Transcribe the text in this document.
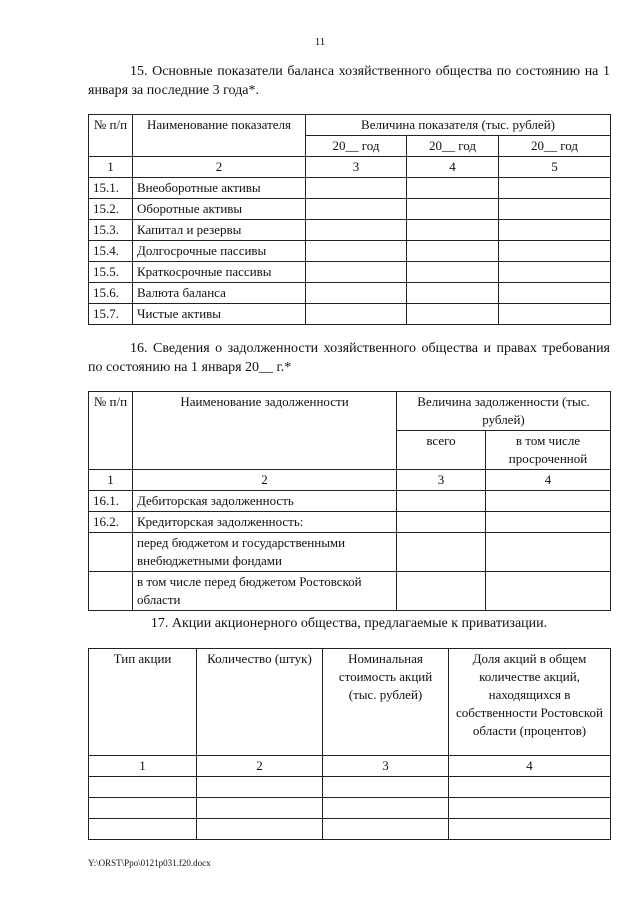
11
15. Основные показатели баланса хозяйственного общества по состоянию на 1 января за последние 3 года*.
№ п/п	Наименование показателя	Величина показателя (тыс. рублей)		
		20__ год	20__ год	20__ год
1	2	3	4	5
15.1.	Внеоборотные активы			
15.2.	Оборотные активы			
15.3.	Капитал и резервы			
15.4.	Долгосрочные пассивы			
15.5.	Краткосрочные пассивы			
15.6.	Валюта баланса			
15.7.	Чистые активы			
16. Сведения о задолженности хозяйственного общества и правах требования по состоянию на 1 января 20__ г.*
№ п/п	Наименование задолженности	Величина задолженности (тыс. рублей)	
		всего	в том числе просроченной
1	2	3	4
16.1.	Дебиторская задолженность		
16.2.	Кредиторская задолженность:		
	перед бюджетом и государственными внебюджетными фондами		
	в том числе перед бюджетом Ростовской области		
17. Акции акционерного общества, предлагаемые к приватизации.
Тип акции	Количество (штук)	Номинальная стоимость акций (тыс. рублей)	Доля акций в общем количестве акций, находящихся в собственности Ростовской области (процентов)
1	2	3	4

Y:\ORST\Ppo\0121p031.f20.docx
